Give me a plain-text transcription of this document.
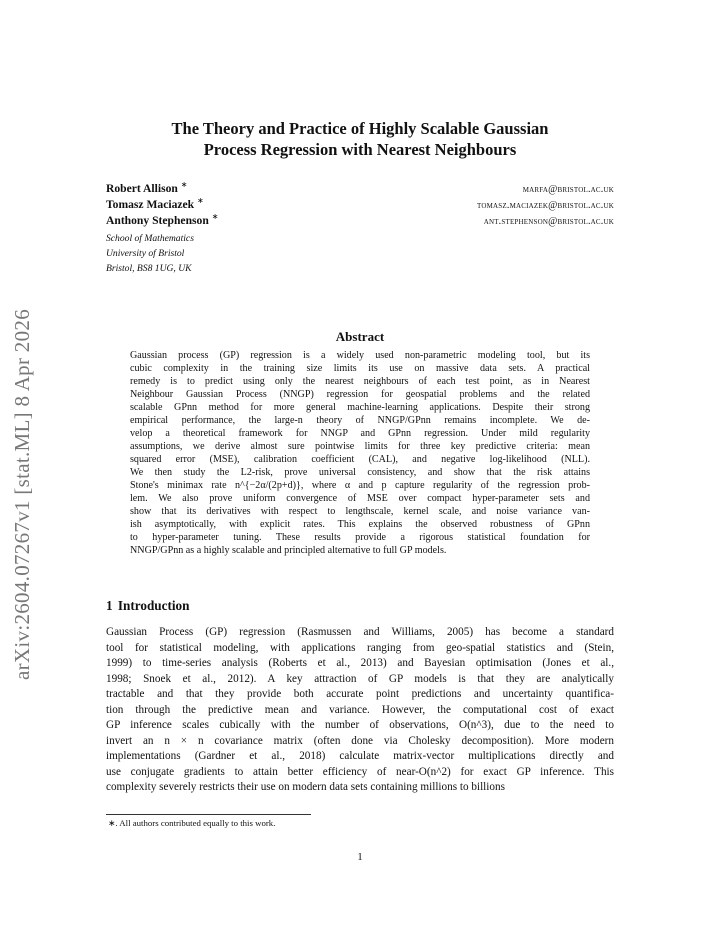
arXiv:2604.07267v1 [stat.ML] 8 Apr 2026
The Theory and Practice of Highly Scalable Gaussian
Process Regression with Nearest Neighbours
Robert Allison ∗	marfa@bristol.ac.uk
Tomasz Maciazek ∗	tomasz.maciazek@bristol.ac.uk
Anthony Stephenson ∗	ant.stephenson@bristol.ac.uk
School of Mathematics
University of Bristol
Bristol, BS8 1UG, UK
Abstract
Gaussian process (GP) regression is a widely used non-parametric modeling tool, but its
cubic complexity in the training size limits its use on massive data sets. A practical
remedy is to predict using only the nearest neighbours of each test point, as in Nearest
Neighbour Gaussian Process (NNGP) regression for geospatial problems and the related
scalable GPnn method for more general machine-learning applications. Despite their strong
empirical performance, the large-n theory of NNGP/GPnn remains incomplete. We de-
velop a theoretical framework for NNGP and GPnn regression. Under mild regularity
assumptions, we derive almost sure pointwise limits for three key predictive criteria: mean
squared error (MSE), calibration coefficient (CAL), and negative log-likelihood (NLL).
We then study the L2-risk, prove universal consistency, and show that the risk attains
Stone's minimax rate n^{−2α/(2p+d)}, where α and p capture regularity of the regression prob-
lem. We also prove uniform convergence of MSE over compact hyper-parameter sets and
show that its derivatives with respect to lengthscale, kernel scale, and noise variance van-
ish asymptotically, with explicit rates. This explains the observed robustness of GPnn
to hyper-parameter tuning. These results provide a rigorous statistical foundation for
NNGP/GPnn as a highly scalable and principled alternative to full GP models.
1 Introduction
Gaussian Process (GP) regression (Rasmussen and Williams, 2005) has become a standard
tool for statistical modeling, with applications ranging from geo-spatial statistics and (Stein,
1999) to time-series analysis (Roberts et al., 2013) and Bayesian optimisation (Jones et al.,
1998; Snoek et al., 2012). A key attraction of GP models is that they are analytically
tractable and that they provide both accurate point predictions and uncertainty quantifica-
tion through the predictive mean and variance. However, the computational cost of exact
GP inference scales cubically with the number of observations, O(n^3), due to the need to
invert an n × n covariance matrix (often done via Cholesky decomposition). More modern
implementations (Gardner et al., 2018) calculate matrix-vector multiplications directly and
use conjugate gradients to attain better efficiency of near-O(n^2) for exact GP inference. This
complexity severely restricts their use on modern data sets containing millions to billions
∗. All authors contributed equally to this work.
1
